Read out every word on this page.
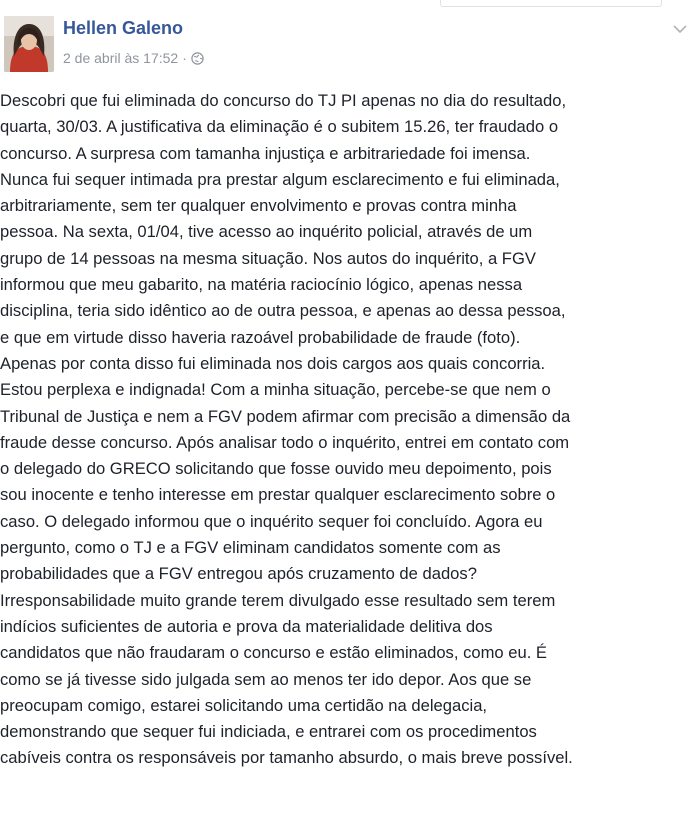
Hellen Galeno
2 de abril às 17:52 ·
Descobri que fui eliminada do concurso do TJ PI apenas no dia do resultado,
quarta, 30/03. A justificativa da eliminação é o subitem 15.26, ter fraudado o
concurso. A surpresa com tamanha injustiça e arbitrariedade foi imensa.
Nunca fui sequer intimada pra prestar algum esclarecimento e fui eliminada,
arbitrariamente, sem ter qualquer envolvimento e provas contra minha
pessoa. Na sexta, 01/04, tive acesso ao inquérito policial, através de um
grupo de 14 pessoas na mesma situação. Nos autos do inquérito, a FGV
informou que meu gabarito, na matéria raciocínio lógico, apenas nessa
disciplina, teria sido idêntico ao de outra pessoa, e apenas ao dessa pessoa,
e que em virtude disso haveria razoável probabilidade de fraude (foto).
Apenas por conta disso fui eliminada nos dois cargos aos quais concorria.
Estou perplexa e indignada! Com a minha situação, percebe-se que nem o
Tribunal de Justiça e nem a FGV podem afirmar com precisão a dimensão da
fraude desse concurso. Após analisar todo o inquérito, entrei em contato com
o delegado do GRECO solicitando que fosse ouvido meu depoimento, pois
sou inocente e tenho interesse em prestar qualquer esclarecimento sobre o
caso. O delegado informou que o inquérito sequer foi concluído. Agora eu
pergunto, como o TJ e a FGV eliminam candidatos somente com as
probabilidades que a FGV entregou após cruzamento de dados?
Irresponsabilidade muito grande terem divulgado esse resultado sem terem
indícios suficientes de autoria e prova da materialidade delitiva dos
candidatos que não fraudaram o concurso e estão eliminados, como eu. É
como se já tivesse sido julgada sem ao menos ter ido depor. Aos que se
preocupam comigo, estarei solicitando uma certidão na delegacia,
demonstrando que sequer fui indiciada, e entrarei com os procedimentos
cabíveis contra os responsáveis por tamanho absurdo, o mais breve possível.
